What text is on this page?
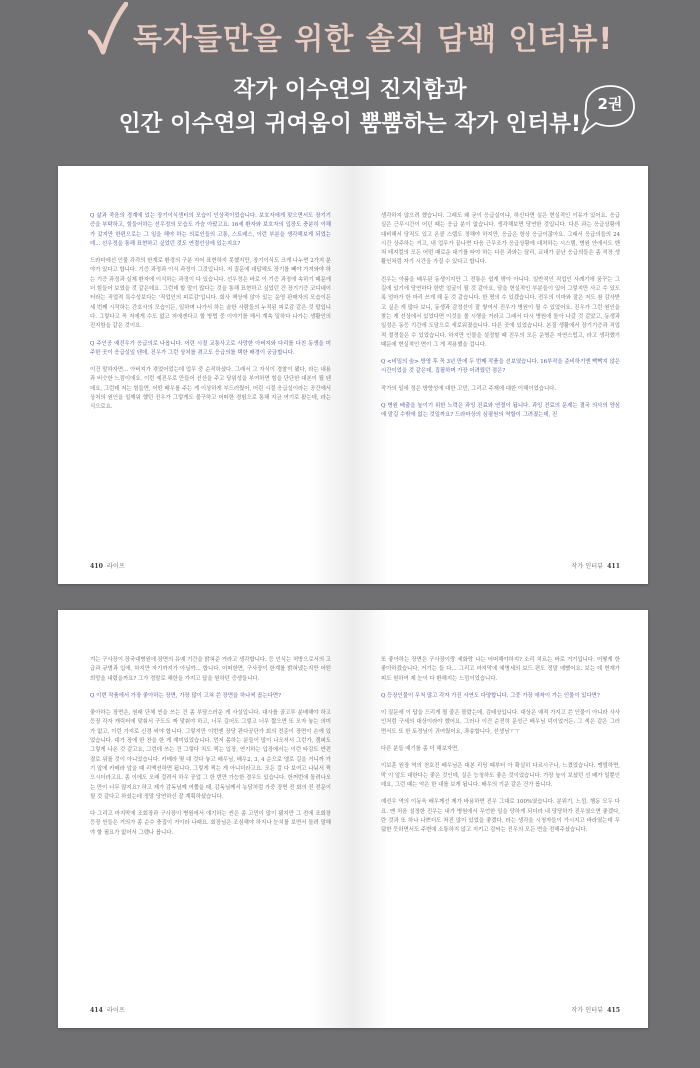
독자들만을 위한 솔직 담백 인터뷰!
작가 이수연의 진지함과
인간 이수연의 귀여움이 뿜뿜하는 작가 인터뷰!
2권

Q 삶과 죽음의 경계에 있는 장기이식센터의 모습이 인상적이었습니다. 보호자에게 맞으면서도 장기기증을 부탁하고, 힘들어하는 선우정의 모습도 가슴 아팠고요. 16세 환자와 보호자의 입장도 충분히 이해가 갔지만 한편으로는 그 일을 해야 하는 의료인들의 고통, 스트레스, 이런 부분을 생각해보게 되었는데... 선우정을 통해 표현하고 싶었던 것도 연결선상에 있는지요?

드라마에선 인물 각각의 한계로 환경의 구분 지어 표현하지 못했지만, 장기이식도 크게 나누면 2가지 분야가 있다고 합니다. 기증 과정과 이식 과정이 그것입니다. 저 질문에 대답해도 장기를 빼야 가져와야 하는 기증 과정과 실제 환자에 이식하는 과정이 다 있습니다. 선우정은 바로 이 기증 과정에 속하기 때문에 더 힘들어 보였을 것 같은데요. 그런데 할 말이 많다는 것을 통해 표현하고 싶었던 건 장기기증 코디네이터라는 직업적 특수성보다는 '직업인의 피로감'입니다. 회사 책상에 앉아 있는 운영 판매자의 모습이든 세 번째 시작하는 간호사의 모습이든, 일하며 나가서 하는 숱한 사람들의 누적된 피로감 같은 것 말입니다. 그렇다고 꼭 저에게 수도 없고 저에겐다고 할 방법 중 이야기를 해서 계속 일하다 나가는 생활인의 진지함을 같은 것이요.

Q 주인공 예진우가 응급의로 나옵니다. 어린 시절 교통사고로 사망한 아버지와 다리를 다친 동생을 미주한 곳이 응급실일 텐데, 진우가 그런 상처를 겪고도 응급의를 택한 배경이 궁금합니다.

이건 말하자면... 아버지가 겪었어었는데 업무 중 순직하셨다. 그래서 그 자식이 경찰이 됐다, 라는 내용과 비슷한 느낌이에요. 이런 예진우로 만들어 선산을 주고 당위성을 부여하면 힘을 단단한 대본이 될 텐데요, 그런데 저는 힘들면, 어떤 배우를 주는 게 이상하게 부드러웠어, 어린 시절 응급실이라는 공간에서 상처의 원인을 일깨워 했던 진우가 그렇게도 불구하고 어떠한 경험으로 통해 지금 여기로 왔는데, 라는 식으로요.

410 라이프

생각하지 않으려 했습니다. 그래도 왜 굳이 응급실이냐, 하신다면 실은 현실적인 이유가 있어요. 응급실은 근무시간이 어딘 때는 응급 분이 없습니다. 생각해보면 당연한 것입니다. 다른 과는 응급상황에 대비해서 당직도 있고 온콜 스텝도 정해야 하지만, 응급은 항상 응급이잖아요. 그래서 응급의들의 24시간 상주하는 거고, 내 업무가 끝나면 다음 근무조가 응급상황에 대처하는 시스템, 병원 안에서도 밴쳐 테지컬의 모든 어떤 때로운 대기를 타야 하는 다른 과와는 달리, 교대가 끝난 응급의들은 좀 직장 생활인처럼 자기 시간을 가질 수 있다고 합니다.

진우는 아픔을 배우된 동생이지만 그 전통은 쉽게 밖아 아니다. 일반적인 직업인 사례기에 꿈꾸는 그 길에 있기에 당연하다 한번 얼굴이 될 것 같아요, 담을 현실적인 부분들이 있어 그렇지만 사고 수 있도록 엄마가 한 마리 쓰게 해 둔 것 같습니다. 한 명의 수 있겠습니다. 전우의 이마와 잘은 저도 참 감사받고 싶은 게 많다 보니, 동생과 감정선이 잘 쌓여서 진우가 병원이 될 수 있었어요. 진우가 그런 원인을 찾는 게 선상에서 있었다면 이것을 볼 시행을 거라고 그래서 다시 병원에 돌아 나갈 것 같았고, 동생과 일정은 동등 기간에 도달으로 새로워졌습니다. 다른 곳에 있었습니다. 본질 생활에서 장기기증과 직업적 결정들은 수 있었습니다. 하지만 인물을 설정할 때 진우의 모든 운명은 자연스럽고, 라고 생각했기 때문에 현실적인 면이 그 게 적용했을 겁니다.

Q <비밀의 숲> 방영 후 꼭 3년 만에 두 번째 작품을 선보였습니다. 16부작을 준비하기엔 빡빡지 않은 시간이었을 것 같은데, 집필하며 가장 어려웠던 점은?

작가의 일에 정은 방향성에 대한 고민, 그리고 주제에 대한 이해이었습니다.

Q 병원 배출을 높이기 위한 노력은 과잉 진료와 연결이 됩니다. 과잉 진료의 문제는 결국 의사의 양심에 맡길 수밖에 없는 것일까요? 드라마상의 심평원의 역할이 그려졌는데, 진

작가 인터뷰 411

겨는 구사장이 장국대병원에 장면의 유예 기간을 밝혀준 거라고 생각합니다. 등 인식는 처방으로서의 고급과 규범과 입에, 하지만 자기까지가 아닐까... 합니다. 어떠한면, 구사장이 한계를 밝혀냈는지만 어떤 희망을 내렸을까요? 그가 정말로 해한을 가지고 답을 원하던 증생들니다.

Q 이번 작품에서 가장 좋아하는 장면, 가장 많이 고쳐 쓴 장면을 하나씩 꼽는다면?

좋아하는 장면은, 원래 단체 씬을 쓰는 건 좀 부담스러운 게 사실입니다. 대사를 골고루 분배해야 하고 등장 각자 캐릭터에 맞춰서 구도도 짜 맞춰야 하고, 너무 길어도 그렇고 너무 짧으면 또 모자 놓는 의미가 없고, 이런 가지로 신경 써야 합니다. 그렇지만 이번엔 장당 판다공단가 회의 전준이 장면이 손에 있었습니다. 대가 장에 딴 찬을 한 게 재미있었습니다. 먼저 몸하는 분들이 많이 나오셔서 그런가, 캠퍼도 그렇게 나온 것 같고요, 그런데 쓰는 건 그렇다 치도 찍는 입장, 연기하는 입장에서는 이런 타감도 반전 결로 위를 것이 아니었습니다. 카메라 몇 대 것다 놓고 배우님, 배우2, 3, 4 순으로 엘로 길을 거니까 가기 앞에 카메라 앞을 때 리액션하면 됩니다. 그렇게 찍는 게 아니더라고요. 모든 걸 다 보여고 나눠서 찍으시더라고요. 좀 이에도 오래 걸려서 하우 공업 그 한 번만 가능한 경우도 있습니다. 한꺼번에 돌려나오는 만이 너무 많지요? 하고 제가 감독님께 여쭙을 때, 감독님께서 농담처럼 가중 장면 전 회의 전 전문이 될 것 같다고 하셨는데 정말 당연하신 잘 계획하셨습니다.

다 그리고 마지막에 조회장과 구사장이 병원에서 얘기하는 씬은 좀 고민이 많이 됐지만 그 전에 조회장 등장 씬들은 거의가 좀 순수 충집이 거이라 나래요. 회장님은 조심해야 하지나 눈치를 보면서 돌려 말해야 할 필요가 없어서 그랬나 봅니다.

414 라이프

또 좋아하는 장면은 구사장이랑 세화랑 나는 어떠해야하지? 소리 치르는 바로 거기입니다. 어떻게 한 좋아하겠습니다, 거기는 들 다... 그리고 마지막에 예병세의 보드 편도 정말 예뻤어요. 보는 데 현재가 피도 원하여 제 눈이 다 환해지는 느낌이었습니다.

Q 등장인물이 무척 많고 각자 가진 사연도 다양합니다. 그중 가장 애착이 가는 인물이 있다면?

이 질문에 이 답을 드리게 될 줄은 몰랐는데, 김태상입니다. 대상은 예적 가지고 쓴 인물이 아니라 사사인처럼 구세의 대상이라야 했어요, 그러나 이건 순전히 문성근 배우님 덕이었거든. 그 색은 같은 그러면서도 또 한 토정님이 귀여웠어요, 좌송합니다, 선생님ㅜㅜ

다른 분들 예기를 좀 더 해보자면,

이보훈 원장 역의 천호진 배우님은 대본 리딩 때부터 아 확실히 다르시구나, 느꼈었습니다. 맹렬하면, 막 이 앞도 대한다는 좋은 것인데, 실은 능청하도 좋은 것이었습니다. 가장 높이 보셨던 선 배가 일뿐인데요, 그런 때는 악은 한 대를 보게 됩니다. 배우의 기운 같은 건가 봅니다.

예선우 역의 이동욱 배우께선 제가 바용하면 진우 그대로 100%였습니다. 분위기, 느낌, 행동 모두 다요. 맨 처음 설정한 진우는 내가 병원에서 무언한 일을 당하게 되더라 내 당당하가 진우였으면 좋겠다, 란 것과 또 하나 나쁘더도 착진 않이 있었을 좋겠다, 라는 생각을 시청자들이 가시지고 바라였는데 무뎠한 듯하면서도 주변에 소통하지 않고 지키고 감싸는 진우의 모든 면을 전해주셨습니다.

작가 인터뷰 415
